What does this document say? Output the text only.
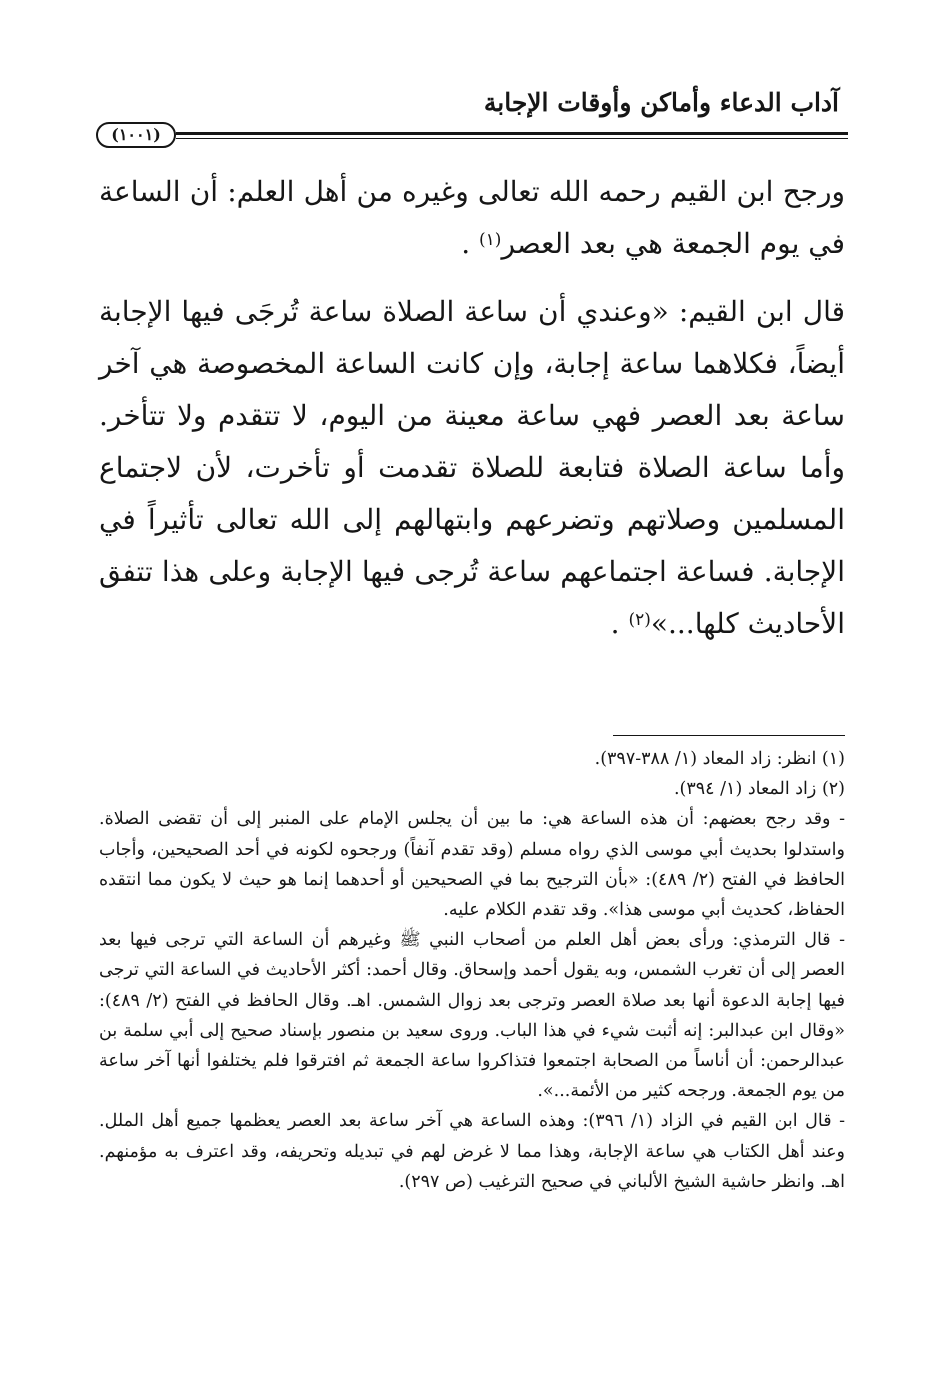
آداب الدعاء وأماكن وأوقات الإجابة
(١٠٠١)

ورجح ابن القيم رحمه الله تعالى وغيره من أهل العلم: أن الساعة في يوم الجمعة هي بعد العصر$^{(١)}$ .

قال ابن القيم: «وعندي أن ساعة الصلاة ساعة تُرجَى فيها الإجابة أيضاً، فكلاهما ساعة إجابة، وإن كانت الساعة المخصوصة هي آخر ساعة بعد العصر فهي ساعة معينة من اليوم، لا تتقدم ولا تتأخر. وأما ساعة الصلاة فتابعة للصلاة تقدمت أو تأخرت، لأن لاجتماع المسلمين وصلاتهم وتضرعهم وابتهالهم إلى الله تعالى تأثيراً في الإجابة. فساعة اجتماعهم ساعة تُرجى فيها الإجابة وعلى هذا تتفق الأحاديث كلها...»$^{(٢)}$ .

(١) انظر: زاد المعاد (١/ ٣٨٨-٣٩٧).

(٢) زاد المعاد (١/ ٣٩٤).

- وقد رجح بعضهم: أن هذه الساعة هي: ما بين أن يجلس الإمام على المنبر إلى أن تقضى الصلاة. واستدلوا بحديث أبي موسى الذي رواه مسلم (وقد تقدم آنفاً) ورجحوه لكونه في أحد الصحيحين، وأجاب الحافظ في الفتح (٢/ ٤٨٩): «بأن الترجيح بما في الصحيحين أو أحدهما إنما هو حيث لا يكون مما انتقده الحفاظ، كحديث أبي موسى هذا». وقد تقدم الكلام عليه.

- قال الترمذي: ورأى بعض أهل العلم من أصحاب النبي ﷺ وغيرهم أن الساعة التي ترجى فيها بعد العصر إلى أن تغرب الشمس، وبه يقول أحمد وإسحاق. وقال أحمد: أكثر الأحاديث في الساعة التي ترجى فيها إجابة الدعوة أنها بعد صلاة العصر وترجى بعد زوال الشمس. اهـ. وقال الحافظ في الفتح (٢/ ٤٨٩): «وقال ابن عبدالبر: إنه أثبت شيء في هذا الباب. وروى سعيد بن منصور بإسناد صحيح إلى أبي سلمة بن عبدالرحمن: أن أناساً من الصحابة اجتمعوا فتذاكروا ساعة الجمعة ثم افترقوا فلم يختلفوا أنها آخر ساعة من يوم الجمعة. ورجحه كثير من الأئمة...».

- قال ابن القيم في الزاد (١/ ٣٩٦): وهذه الساعة هي آخر ساعة بعد العصر يعظمها جميع أهل الملل. وعند أهل الكتاب هي ساعة الإجابة، وهذا مما لا غرض لهم في تبديله وتحريفه، وقد اعترف به مؤمنهم. اهـ. وانظر حاشية الشيخ الألباني في صحيح الترغيب (ص ٢٩٧).
